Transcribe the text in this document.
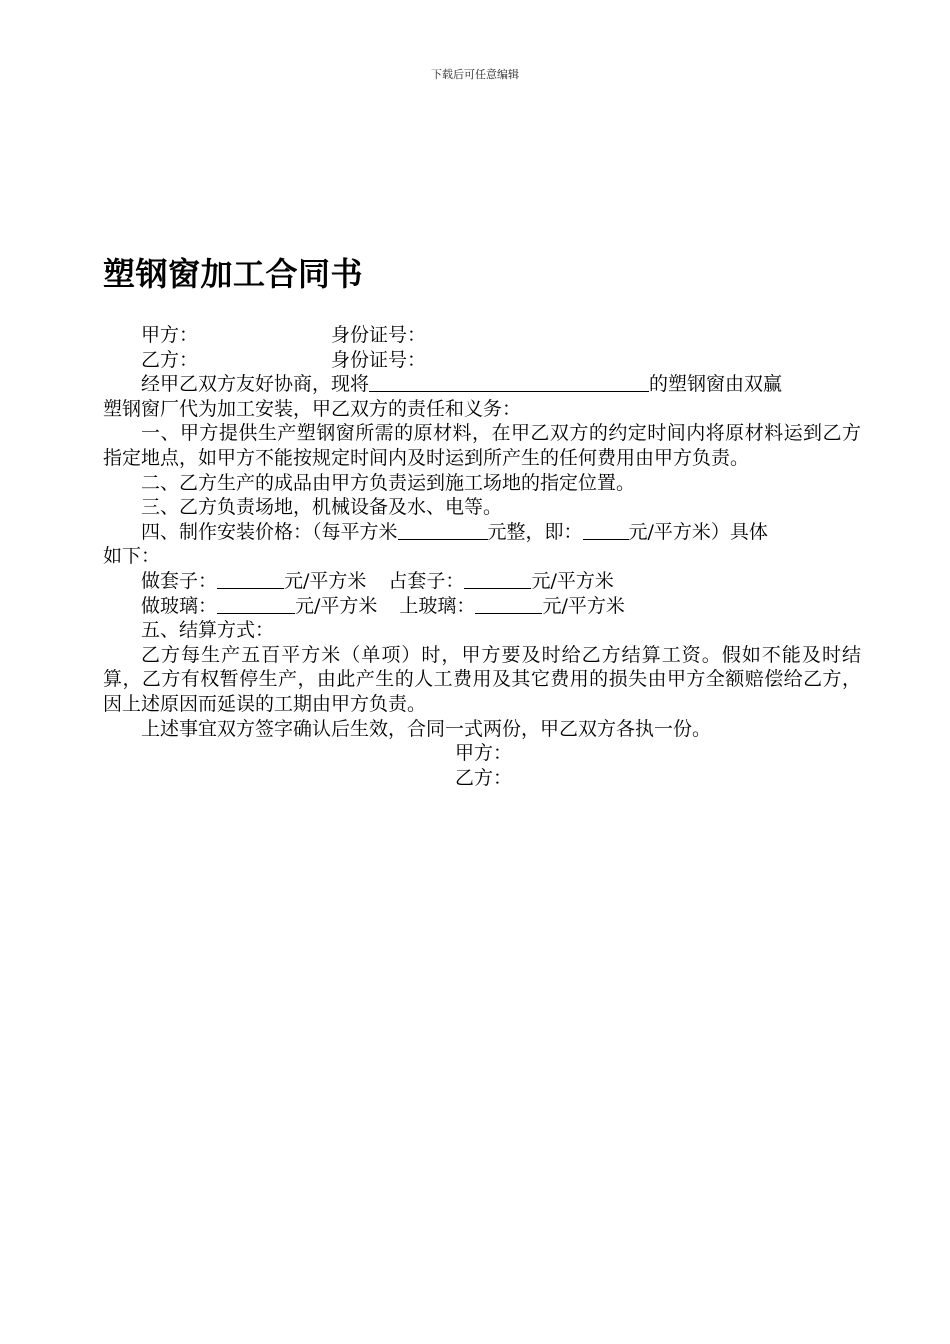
下载后可任意编辑
塑钢窗加工合同书
甲方：	身份证号：
乙方：	身份证号：
经甲乙双方友好协商，现将	的塑钢窗由双赢
塑钢窗厂代为加工安装，甲乙双方的责任和义务：
一、甲方提供生产塑钢窗所需的原材料，在甲乙双方的约定时间内将原材料运到乙方指定地点，如甲方不能按规定时间内及时运到所产生的任何费用由甲方负责。
二、乙方生产的成品由甲方负责运到施工场地的指定位置。
三、乙方负责场地，机械设备及水、电等。
四、制作安装价格：（每平方米	元整，即： 元/平方米）具体
如下：
做套子：	元/平方米 占套子：	元/平方米
做玻璃：	元/平方米 上玻璃：	元/平方米
五、结算方式：
乙方每生产五百平方米（单项）时，甲方要及时给乙方结算工资。假如不能及时结算，乙方有权暂停生产，由此产生的人工费用及其它费用的损失由甲方全额赔偿给乙方，因上述原因而延误的工期由甲方负责。
上述事宜双方签字确认后生效，合同一式两份，甲乙双方各执一份。
甲方：
乙方：
